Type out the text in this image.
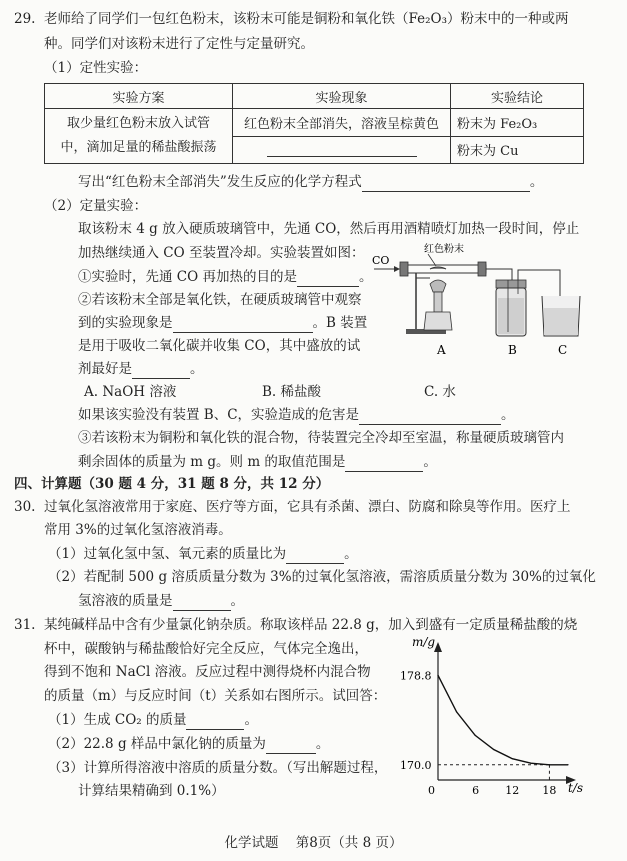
29. 老师给了同学们一包红色粉末，该粉末可能是铜粉和氧化铁（Fe₂O₃）粉末中的一种或两
种。同学们对该粉末进行了定性与定量研究。
（1）定性实验：
实验方案	实验现象	实验结论

取少量红色粉末放入试管
中，滴加足量的稀盐酸振荡	红色粉末全部消失，溶液呈棕黄色	粉末为 Fe₂O₃
		粉末为 Cu
写出“红色粉末全部消失”发生反应的化学方程式	。
（2）定量实验：
取该粉末 4 g 放入硬质玻璃管中，先通 CO，然后再用酒精喷灯加热一段时间，停止
加热继续通入 CO 至装置冷却。实验装置如图：
①实验时，先通 CO 再加热的目的是	。
②若该粉末全部是氧化铁，在硬质玻璃管中观察
到的实验现象是	。B 装置
是用于吸收二氧化碳并收集 CO，其中盛放的试
剂最好是	。
A. NaOH 溶液	B. 稀盐酸	C. 水
如果该实验没有装置 B、C，实验造成的危害是	。
③若该粉末为铜粉和氧化铁的混合物，待装置完全冷却至室温，称量硬质玻璃管内
剩余固体的质量为 m g。则 m 的取值范围是	。
CO
红色粉末
A	B	C
四、计算题（30 题 4 分，31 题 8 分，共 12 分）
30. 过氧化氢溶液常用于家庭、医疗等方面，它具有杀菌、漂白、防腐和除臭等作用。医疗上
常用 3%的过氧化氢溶液消毒。
（1）过氧化氢中氢、氧元素的质量比为	。
（2）若配制 500 g 溶质质量分数为 3%的过氧化氢溶液，需溶质质量分数为 30%的过氧化
氢溶液的质量是	。
31. 某纯碱样品中含有少量氯化钠杂质。称取该样品 22.8 g，加入到盛有一定质量稀盐酸的烧
杯中，碳酸钠与稀盐酸恰好完全反应，气体完全逸出，
得到不饱和 NaCl 溶液。反应过程中测得烧杯内混合物
的质量（m）与反应时间（t）关系如右图所示。试回答：
（1）生成 CO₂ 的质量	。
（2）22.8 g 样品中氯化钠的质量为	。
（3）计算所得溶液中溶质的质量分数。（写出解题过程，
计算结果精确到 0.1%）
m/g
t/s
0	6 12 18
170.0
178.8
化学试题    第8页（共 8 页）
